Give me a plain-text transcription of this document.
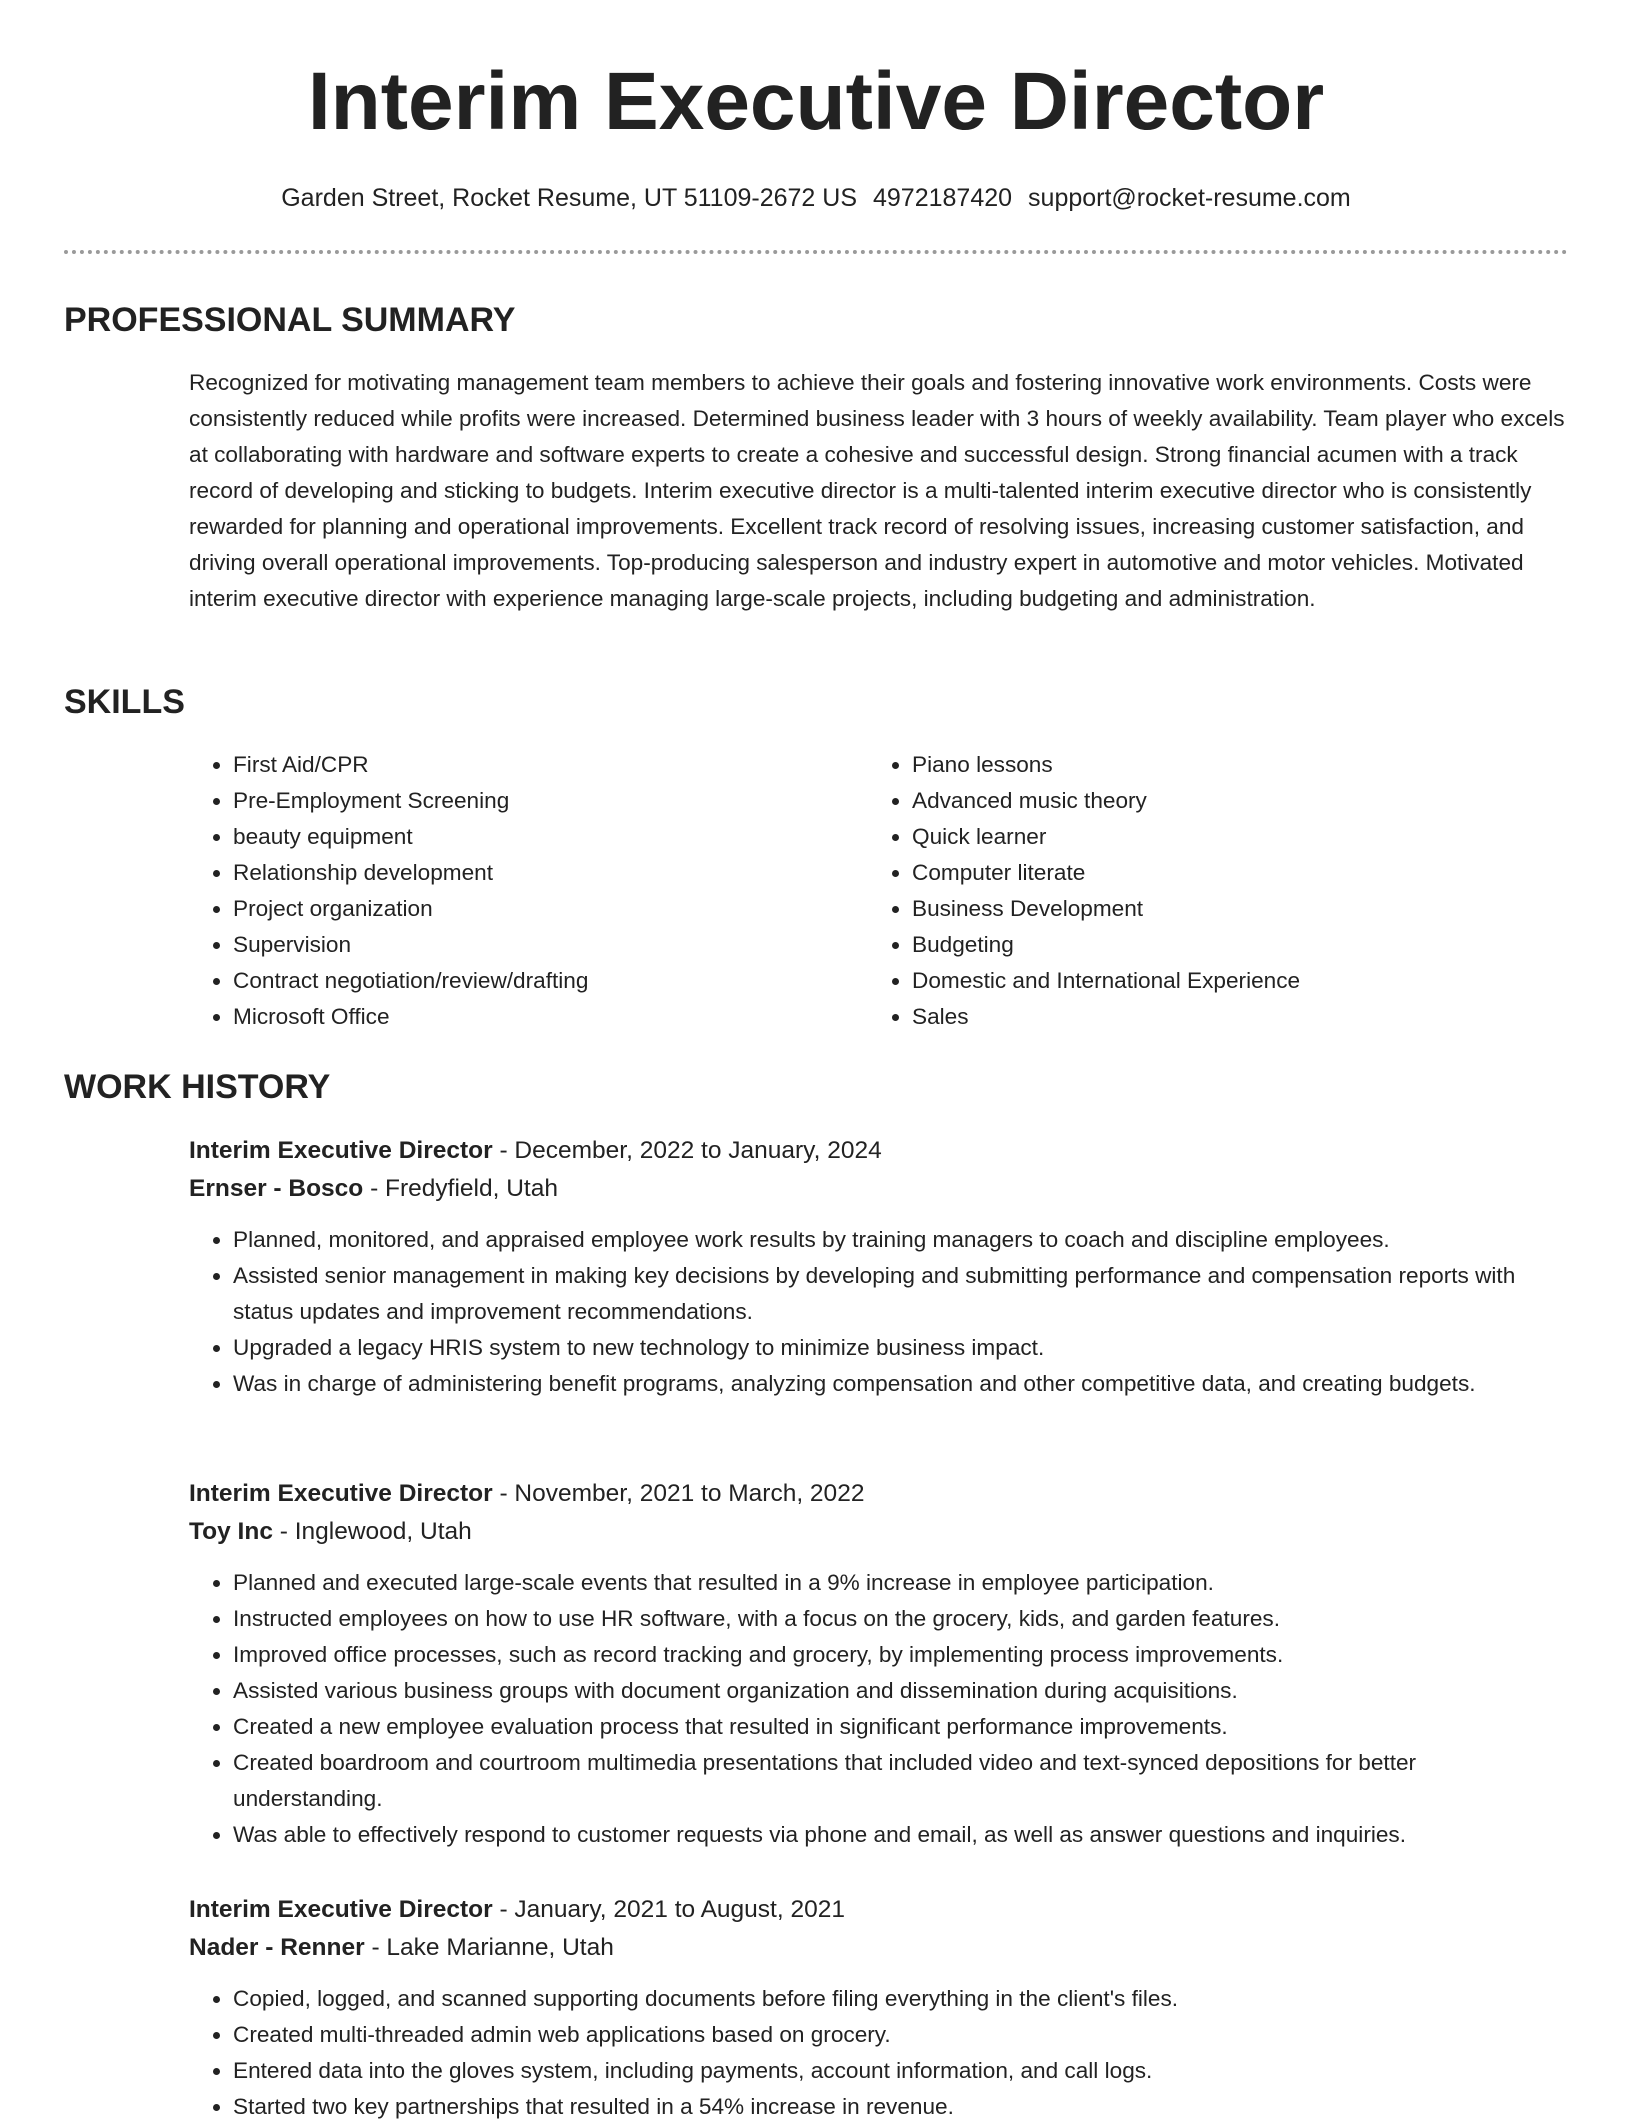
Interim Executive Director
Garden Street, Rocket Resume, UT 51109-2672 US 4972187420 support@rocket-resume.com
PROFESSIONAL SUMMARY

Recognized for motivating management team members to achieve their goals and fostering innovative work environments. Costs were consistently reduced while profits were increased. Determined business leader with 3 hours of weekly availability. Team player who excels at collaborating with hardware and software experts to create a cohesive and successful design. Strong financial acumen with a track record of developing and sticking to budgets. Interim executive director is a multi-talented interim executive director who is consistently rewarded for planning and operational improvements. Excellent track record of resolving issues, increasing customer satisfaction, and driving overall operational improvements. Top-producing salesperson and industry expert in automotive and motor vehicles. Motivated interim executive director with experience managing large-scale projects, including budgeting and administration.

SKILLS
• First Aid/CPR
• Pre-Employment Screening
• beauty equipment
• Relationship development
• Project organization
• Supervision
• Contract negotiation/review/drafting
• Microsoft Office
• Piano lessons
• Advanced music theory
• Quick learner
• Computer literate
• Business Development
• Budgeting
• Domestic and International Experience
• Sales
WORK HISTORY

Interim Executive Director - December, 2022 to January, 2024

Ernser - Bosco - Fredyfield, Utah

• Planned, monitored, and appraised employee work results by training managers to coach and discipline employees.
• Assisted senior management in making key decisions by developing and submitting performance and compensation reports with status updates and improvement recommendations.
• Upgraded a legacy HRIS system to new technology to minimize business impact.
• Was in charge of administering benefit programs, analyzing compensation and other competitive data, and creating budgets.

Interim Executive Director - November, 2021 to March, 2022

Toy Inc - Inglewood, Utah

• Planned and executed large-scale events that resulted in a 9% increase in employee participation.
• Instructed employees on how to use HR software, with a focus on the grocery, kids, and garden features.
• Improved office processes, such as record tracking and grocery, by implementing process improvements.
• Assisted various business groups with document organization and dissemination during acquisitions.
• Created a new employee evaluation process that resulted in significant performance improvements.
• Created boardroom and courtroom multimedia presentations that included video and text-synced depositions for better understanding.
• Was able to effectively respond to customer requests via phone and email, as well as answer questions and inquiries.

Interim Executive Director - January, 2021 to August, 2021

Nader - Renner - Lake Marianne, Utah

• Copied, logged, and scanned supporting documents before filing everything in the client's files.
• Created multi-threaded admin web applications based on grocery.
• Entered data into the gloves system, including payments, account information, and call logs.
• Started two key partnerships that resulted in a 54% increase in revenue.
